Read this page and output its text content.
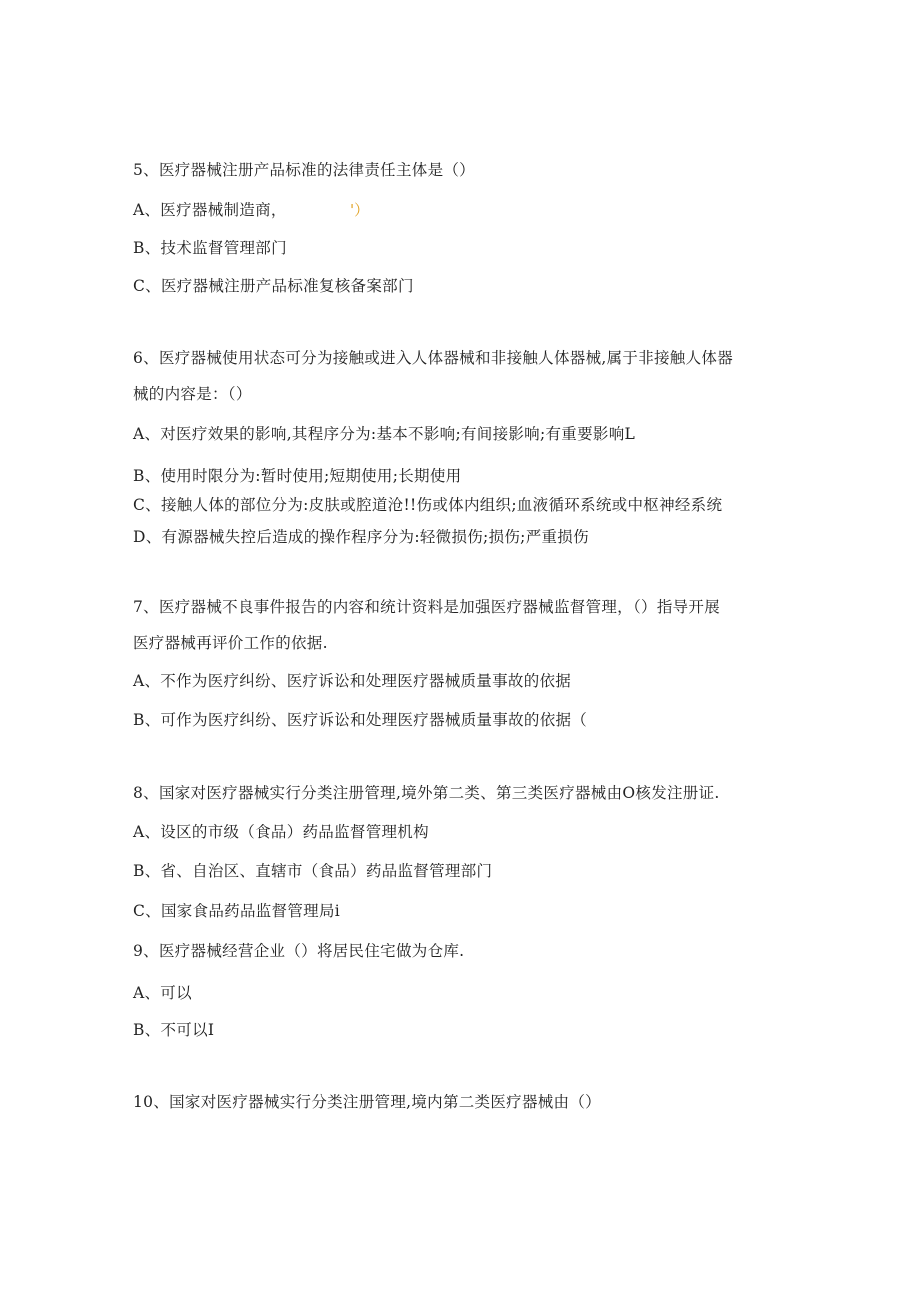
5、医疗器械注册产品标准的法律责任主体是（）
A、医疗器械制造商，	'）
B、技术监督管理部门
C、医疗器械注册产品标准复核备案部门
6、医疗器械使用状态可分为接触或进入人体器械和非接触人体器械,属于非接触人体器
械的内容是：（）
A、对医疗效果的影响,其程序分为:基本不影响;有间接影响;有重要影响L
B、使用时限分为:暂时使用;短期使用;长期使用
C、接触人体的部位分为:皮肤或腔道沧!!伤或体内组织;血液循环系统或中枢神经系统
D、有源器械失控后造成的操作程序分为:轻微损伤;损伤;严重损伤
7、医疗器械不良事件报告的内容和统计资料是加强医疗器械监督管理，（）指导开展
医疗器械再评价工作的依据.
A、不作为医疗纠纷、医疗诉讼和处理医疗器械质量事故的依据
B、可作为医疗纠纷、医疗诉讼和处理医疗器械质量事故的依据（
8、国家对医疗器械实行分类注册管理,境外第二类、第三类医疗器械由O核发注册证.
A、设区的市级（食品）药品监督管理机构
B、省、自治区、直辖市（食品）药品监督管理部门
C、国家食品药品监督管理局i
9、医疗器械经营企业（）将居民住宅做为仓库.
A、可以
B、不可以I
10、国家对医疗器械实行分类注册管理,境内第二类医疗器械由（）
